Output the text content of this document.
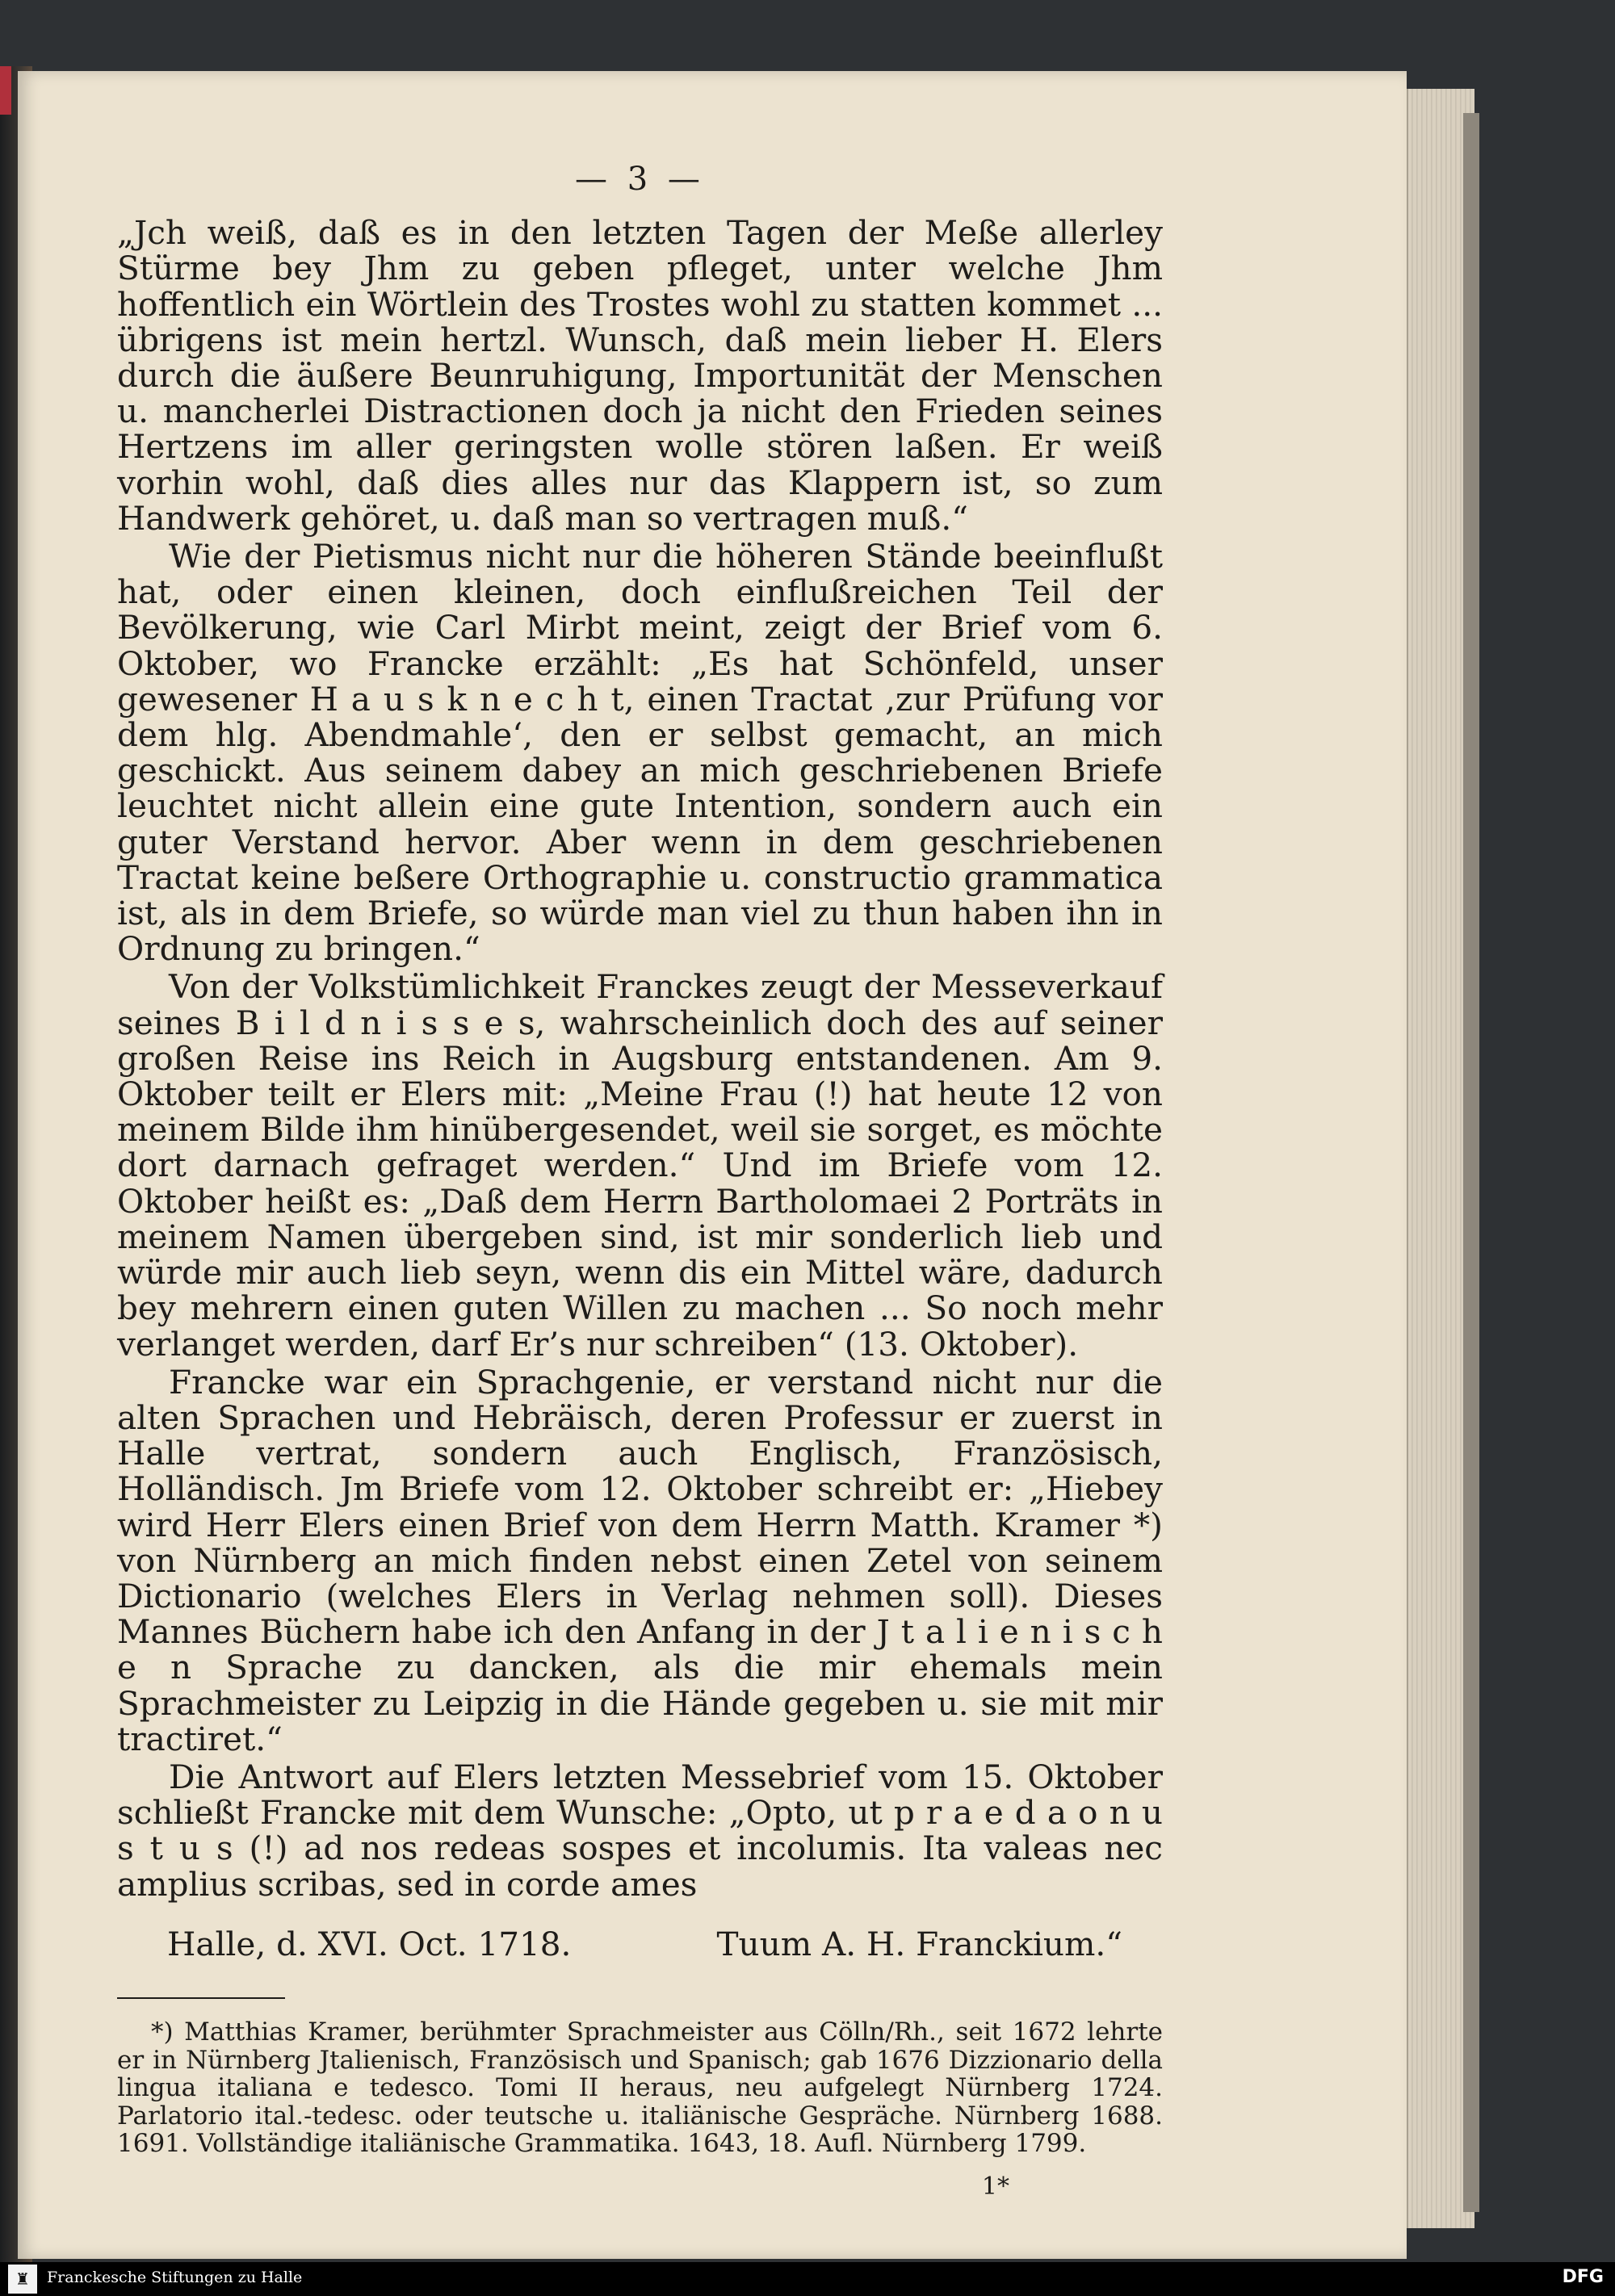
— 3 —

„Jch weiß, daß es in den letzten Tagen der Meße allerley Stürme bey Jhm zu geben pfleget, unter welche Jhm hoffentlich ein Wörtlein des Trostes wohl zu statten kommet ... übrigens ist mein hertzl. Wunsch, daß mein lieber H. Elers durch die äußere Beunruhigung, Importunität der Menschen u. mancherlei Distractionen doch ja nicht den Frieden seines Hertzens im aller geringsten wolle stören laßen. Er weiß vorhin wohl, daß dies alles nur das Klappern ist, so zum Handwerk gehöret, u. daß man so vertragen muß.“

Wie der Pietismus nicht nur die höheren Stände beeinflußt hat, oder einen kleinen, doch einflußreichen Teil der Bevölkerung, wie Carl Mirbt meint, zeigt der Brief vom 6. Oktober, wo Francke erzählt: „Es hat Schönfeld, unser gewesener H a u s k n e c h t, einen Tractat ,zur Prüfung vor dem hlg. Abendmahle‘, den er selbst gemacht, an mich geschickt. Aus seinem dabey an mich geschriebenen Briefe leuchtet nicht allein eine gute Intention, sondern auch ein guter Verstand hervor. Aber wenn in dem geschriebenen Tractat keine beßere Orthographie u. constructio grammatica ist, als in dem Briefe, so würde man viel zu thun haben ihn in Ordnung zu bringen.“

Von der Volkstümlichkeit Franckes zeugt der Messeverkauf seines B i l d n i s s e s, wahrscheinlich doch des auf seiner großen Reise ins Reich in Augsburg entstandenen. Am 9. Oktober teilt er Elers mit: „Meine Frau (!) hat heute 12 von meinem Bilde ihm hinübergesendet, weil sie sorget, es möchte dort darnach gefraget werden.“ Und im Briefe vom 12. Oktober heißt es: „Daß dem Herrn Bartholomaei 2 Porträts in meinem Namen übergeben sind, ist mir sonderlich lieb und würde mir auch lieb seyn, wenn dis ein Mittel wäre, dadurch bey mehrern einen guten Willen zu machen ... So noch mehr verlanget werden, darf Er’s nur schreiben“ (13. Oktober).

Francke war ein Sprachgenie, er verstand nicht nur die alten Sprachen und Hebräisch, deren Professur er zuerst in Halle vertrat, sondern auch Englisch, Französisch, Holländisch. Jm Briefe vom 12. Oktober schreibt er: „Hiebey wird Herr Elers einen Brief von dem Herrn Matth. Kramer *) von Nürnberg an mich finden nebst einen Zetel von seinem Dictionario (welches Elers in Verlag nehmen soll). Dieses Mannes Büchern habe ich den Anfang in der J t a l i e n i s c h e n Sprache zu dancken, als die mir ehemals mein Sprachmeister zu Leipzig in die Hände gegeben u. sie mit mir tractiret.“

Die Antwort auf Elers letzten Messebrief vom 15. Oktober schließt Francke mit dem Wunsche: „Opto, ut p r a e d a o n u s t u s (!) ad nos redeas sospes et incolumis. Ita valeas nec amplius scribas, sed in corde ames

Halle, d. XVI. Oct. 1718.	Tuum A. H. Franckium.“

*) Matthias Kramer, berühmter Sprachmeister aus Cölln/Rh., seit 1672 lehrte er in Nürnberg Jtalienisch, Französisch und Spanisch; gab 1676 Dizzionario della lingua italiana e tedesco. Tomi II heraus, neu aufgelegt Nürnberg 1724. Parlatorio ital.-tedesc. oder teutsche u. italiänische Gespräche. Nürnberg 1688. 1691. Vollständige italiänische Grammatika. 1643, 18. Aufl. Nürnberg 1799.

1*
♜	Franckesche Stiftungen zu Halle	DFG
